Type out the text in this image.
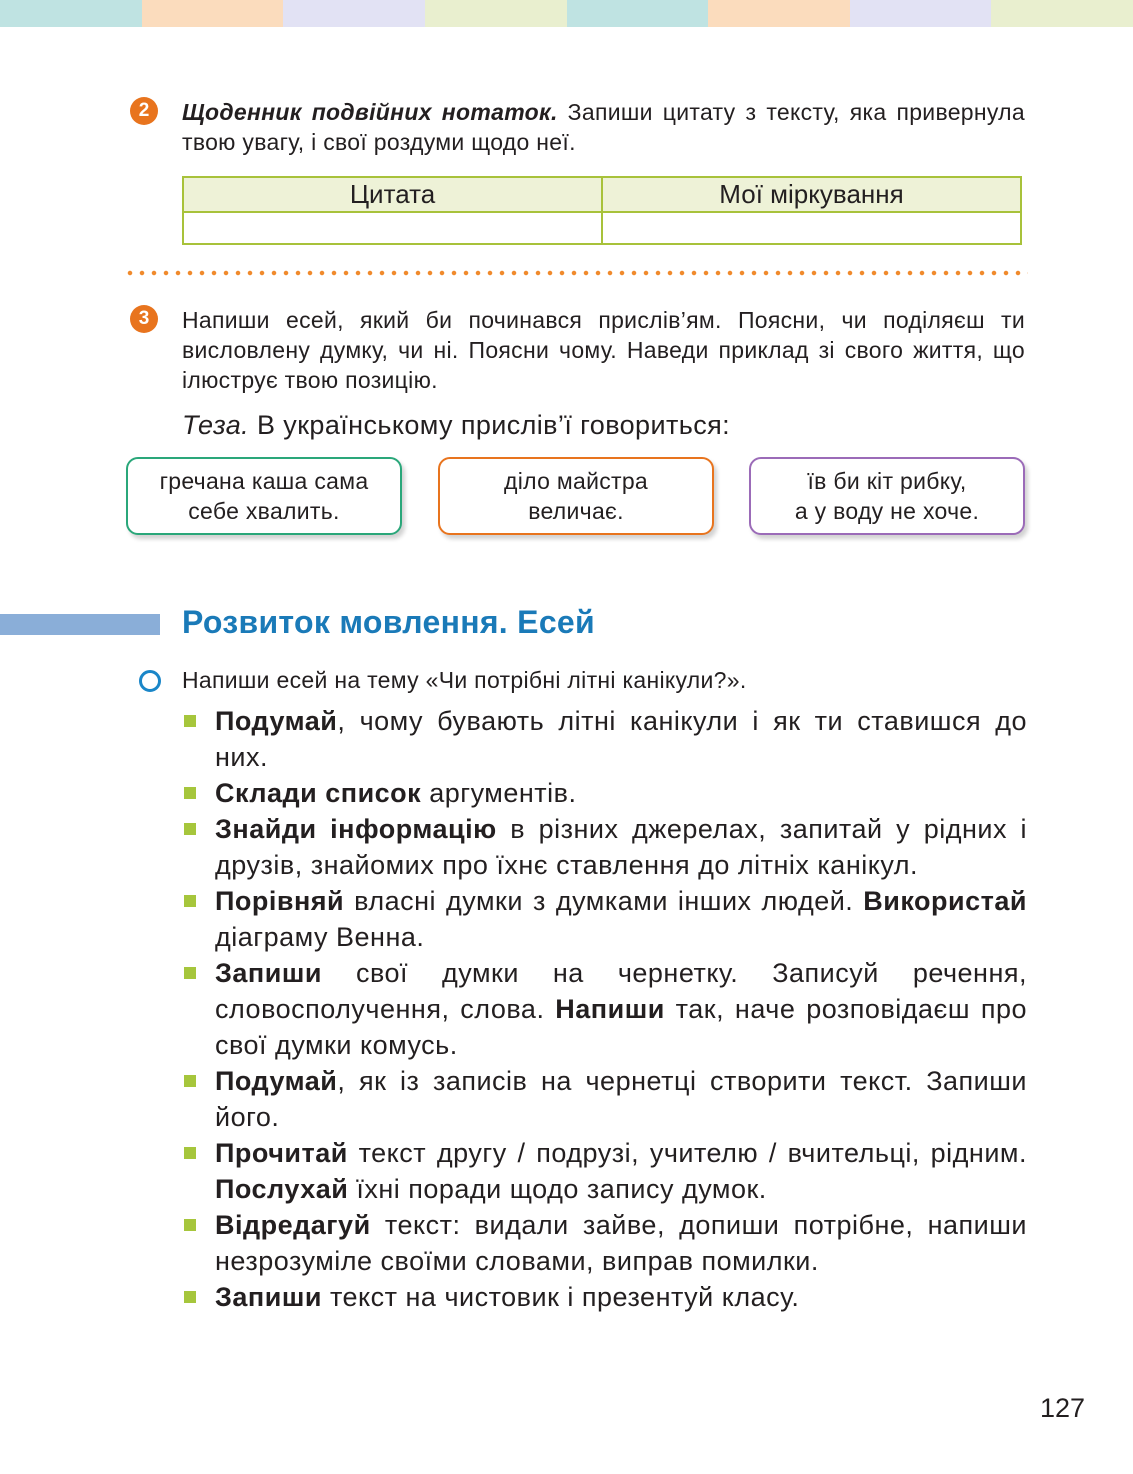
2	Щоденник подвійних нотаток. Запиши цитату з тексту, яка привернула твою увагу, і свої роздуми щодо неї.
Цитата	Мої міркування

3	Напиши есей, який би починався прислів’ям. Поясни, чи поділяєш ти висловлену думку, чи ні. Поясни чому. Наведи приклад зі свого життя, що ілюструє твою позицію.
Теза. В українському прислів’ї говориться:
гречана каша сама
себе хвалить.
діло майстра
величає.
їв би кіт рибку,
а у воду не хоче.
Розвиток мовлення. Есей
Напиши есей на тему «Чи потрібні літні канікули?».
Подумай, чому бувають літні канікули і як ти ставишся до них.
Склади список аргументів.
Знайди інформацію в різних джерелах, запитай у рідних і друзів, знайомих про їхнє ставлення до літніх канікул.
Порівняй власні думки з думками інших людей. Використай діаграму Венна.
Запиши свої думки на чернетку. Записуй речення, словосполучення, слова. Напиши так, наче розповідаєш про свої думки комусь.
Подумай, як із записів на чернетці створити текст. Запиши його.
Прочитай текст другу / подрузі, учителю / вчительці, рідним. Послухай їхні поради щодо запису думок.
Відредагуй текст: видали зайве, допиши потрібне, напиши незрозуміле своїми словами, виправ помилки.
Запиши текст на чистовик і презентуй класу.
127
